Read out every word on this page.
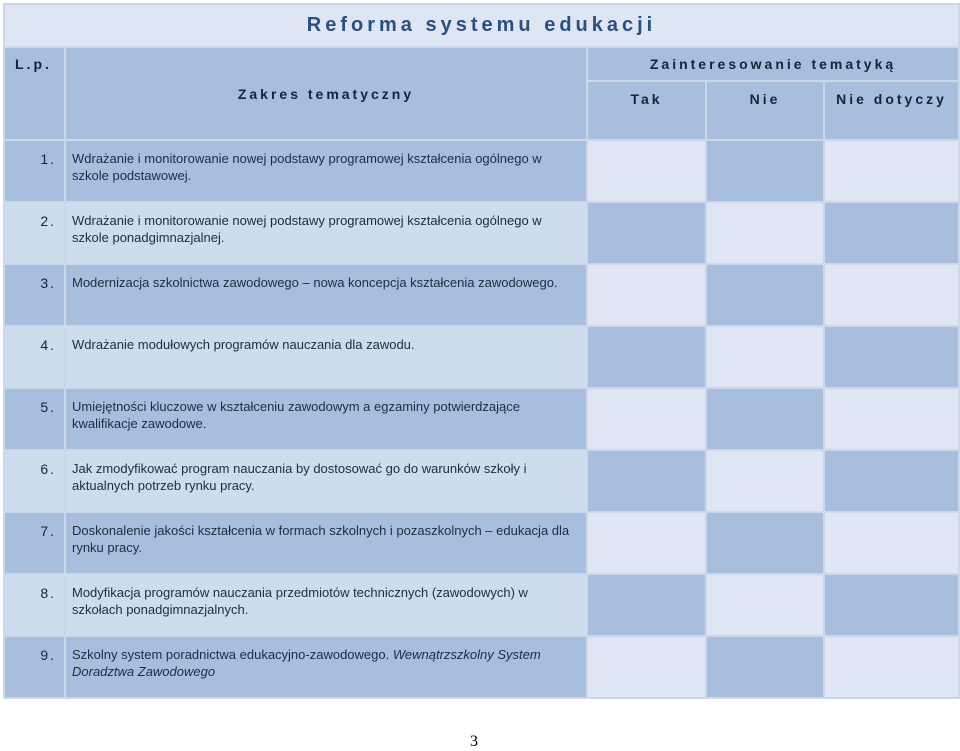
Reforma systemu edukacji				
L.p.	Zakres tematyczny	Zainteresowanie tematyką		
		Tak	Nie	Nie dotyczy
1.	Wdrażanie i monitorowanie nowej podstawy programowej kształcenia ogólnego w szkole podstawowej.			
2.	Wdrażanie i monitorowanie nowej podstawy programowej kształcenia ogólnego w szkole ponadgimnazjalnej.			
3.	Modernizacja szkolnictwa zawodowego – nowa koncepcja kształcenia zawodowego.			
4.	Wdrażanie modułowych programów nauczania dla zawodu.			
5.	Umiejętności kluczowe w kształceniu zawodowym a egzaminy potwierdzające kwalifikacje zawodowe.			
6.	Jak zmodyfikować program nauczania by dostosować go do warunków szkoły i aktualnych potrzeb rynku pracy.			
7.	Doskonalenie jakości kształcenia w formach szkolnych i pozaszkolnych – edukacja dla rynku pracy.			
8.	Modyfikacja programów nauczania przedmiotów technicznych (zawodowych) w szkołach ponadgimnazjalnych.			
9.	Szkolny system poradnictwa edukacyjno-zawodowego. Wewnątrzszkolny System Doradztwa Zawodowego			
3
